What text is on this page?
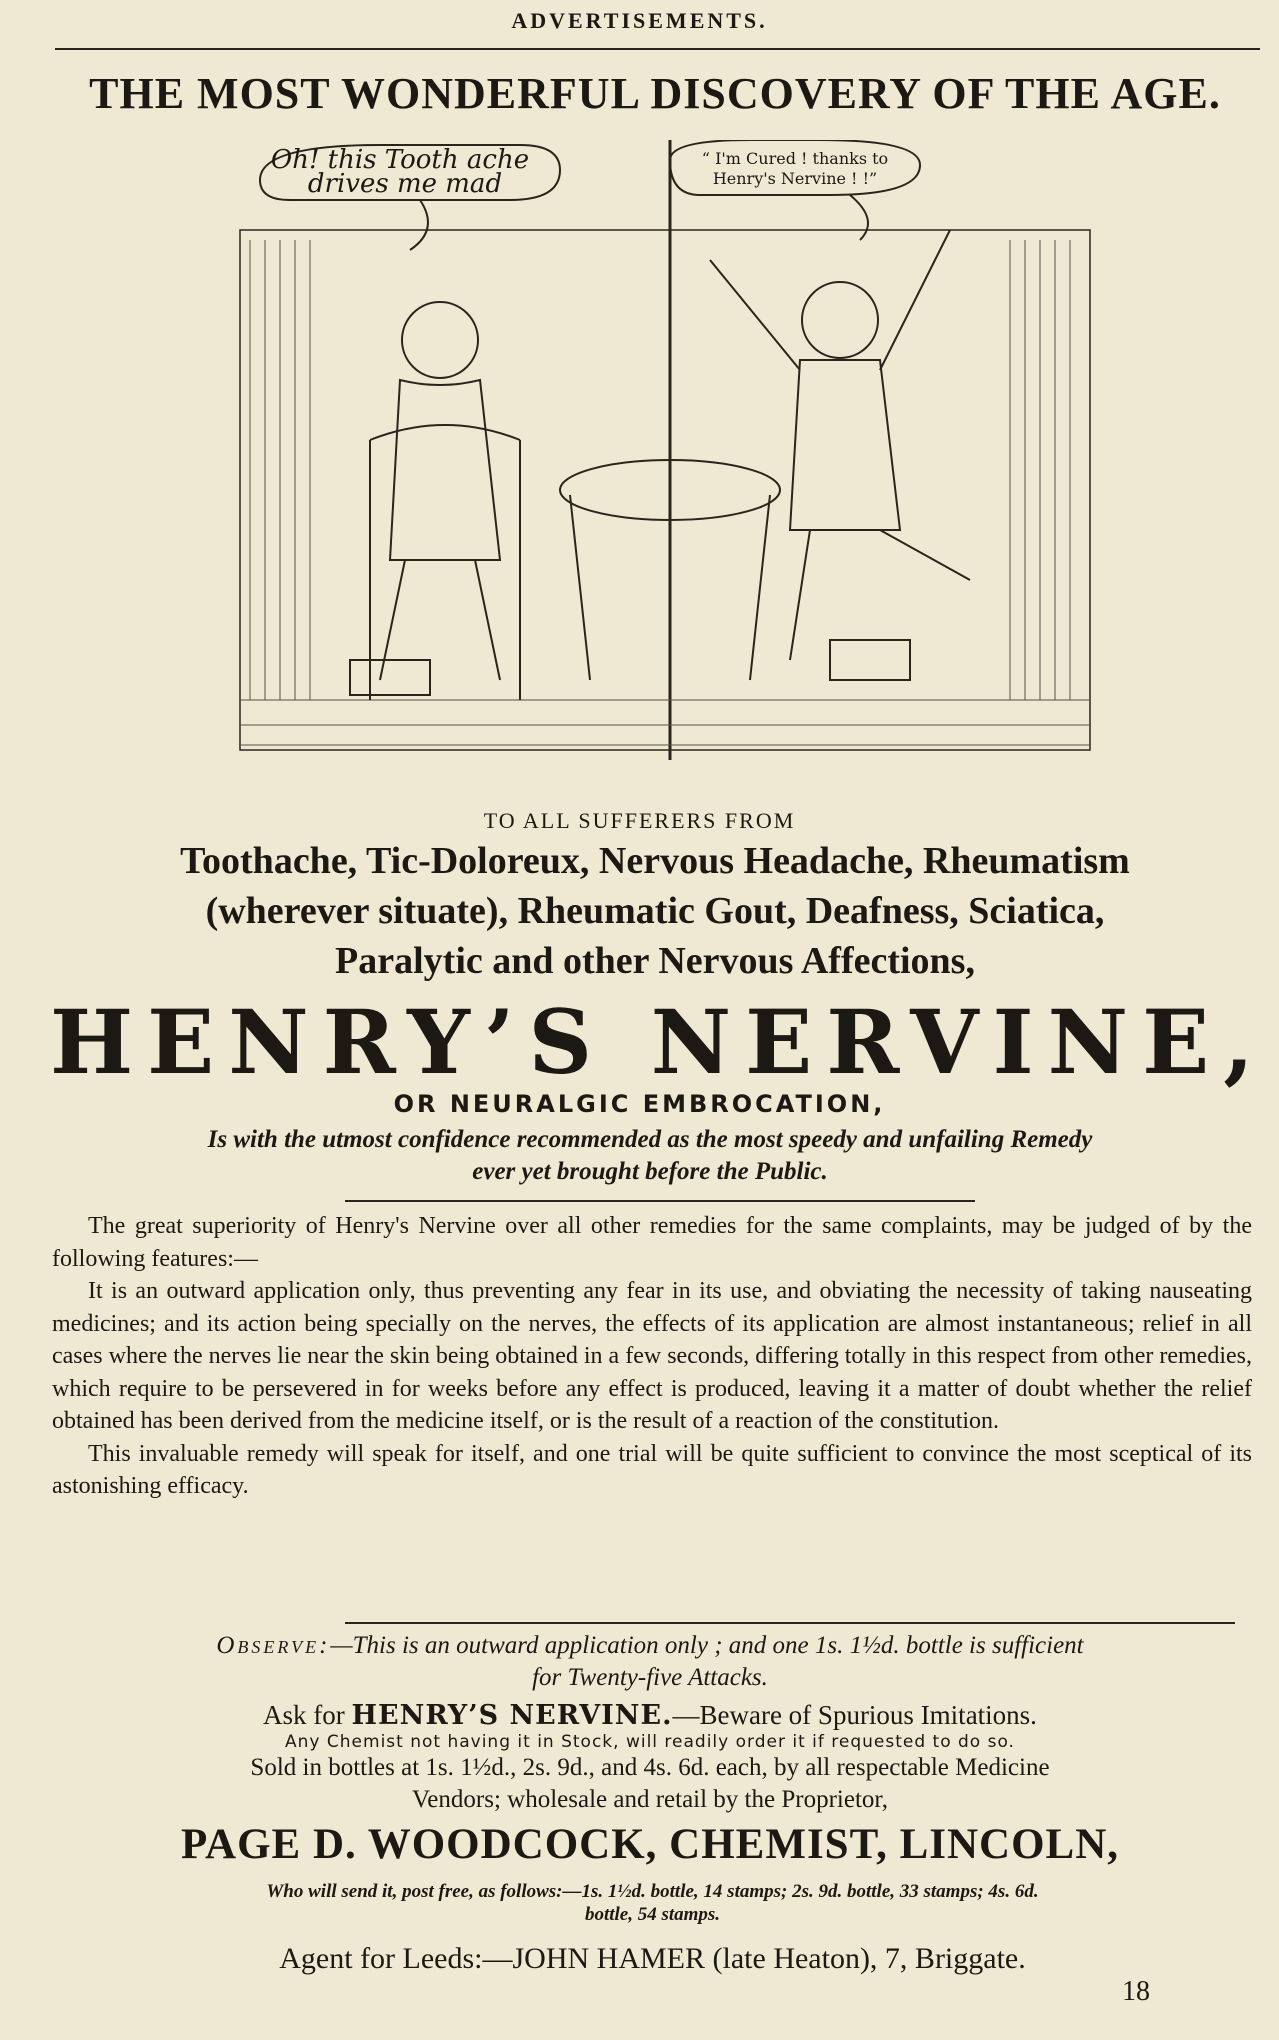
ADVERTISEMENTS.
THE MOST WONDERFUL DISCOVERY OF THE AGE.
Oh! this Tooth ache
drives me mad
“ I'm Cured ! thanks to
Henry's Nervine ! !”
TO ALL SUFFERERS FROM
Toothache, Tic-Doloreux, Nervous Headache, Rheumatism
(wherever situate), Rheumatic Gout, Deafness, Sciatica,
Paralytic and other Nervous Affections,
HENRY’S NERVINE,
OR NEURALGIC EMBROCATION,
Is with the utmost confidence recommended as the most speedy and unfailing Remedy
ever yet brought before the Public.

The great superiority of Henry's Nervine over all other remedies for the same complaints, may be judged of by the following features:—

It is an outward application only, thus preventing any fear in its use, and obviating the necessity of taking nauseating medicines; and its action being specially on the nerves, the effects of its application are almost instantaneous; relief in all cases where the nerves lie near the skin being obtained in a few seconds, differing totally in this respect from other remedies, which require to be persevered in for weeks before any effect is produced, leaving it a matter of doubt whether the relief obtained has been derived from the medicine itself, or is the result of a reaction of the constitution.

This invaluable remedy will speak for itself, and one trial will be quite sufficient to convince the most sceptical of its astonishing efficacy.

Observe:—This is an outward application only ; and one 1s. 1½d. bottle is sufficient
for Twenty-five Attacks.
Ask for HENRY’S NERVINE.—Beware of Spurious Imitations.
Any Chemist not having it in Stock, will readily order it if requested to do so.
Sold in bottles at 1s. 1½d., 2s. 9d., and 4s. 6d. each, by all respectable Medicine
Vendors; wholesale and retail by the Proprietor,
PAGE D. WOODCOCK, CHEMIST, LINCOLN,
Who will send it, post free, as follows:—1s. 1½d. bottle, 14 stamps; 2s. 9d. bottle, 33 stamps; 4s. 6d.
bottle, 54 stamps.
Agent for Leeds:—JOHN HAMER (late Heaton), 7, Briggate.
18
